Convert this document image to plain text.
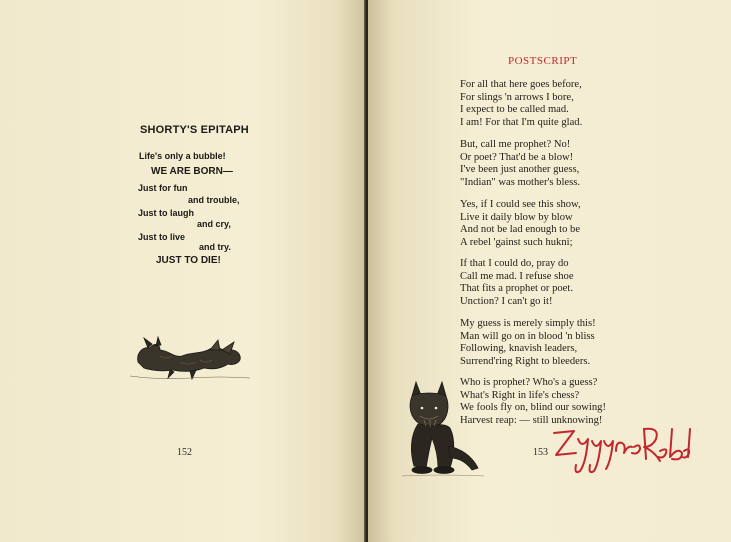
SHORTY'S EPITAPH
Life's only a bubble!
WE ARE BORN—
Just for fun
and trouble,
Just to laugh
and cry,
Just to live
and try.
JUST TO DIE!
152
POSTSCRIPT
For all that here goes before,
For slings 'n arrows I bore,
I expect to be called mad.
I am! For that I'm quite glad.
But, call me prophet? No!
Or poet? That'd be a blow!
I've been just another guess,
"Indian" was mother's bless.
Yes, if I could see this show,
Live it daily blow by blow
And not be lad enough to be
A rebel 'gainst such hukni;
If that I could do, pray do
Call me mad. I refuse shoe
That fits a prophet or poet.
Unction? I can't go it!
My guess is merely simply this!
Man will go on in blood 'n bliss
Following, knavish leaders,
Surrend'ring Right to bleeders.
Who is prophet? Who's a guess?
What's Right in life's chess?
We fools fly on, blind our sowing!
Harvest reap: — still unknowing!
153
